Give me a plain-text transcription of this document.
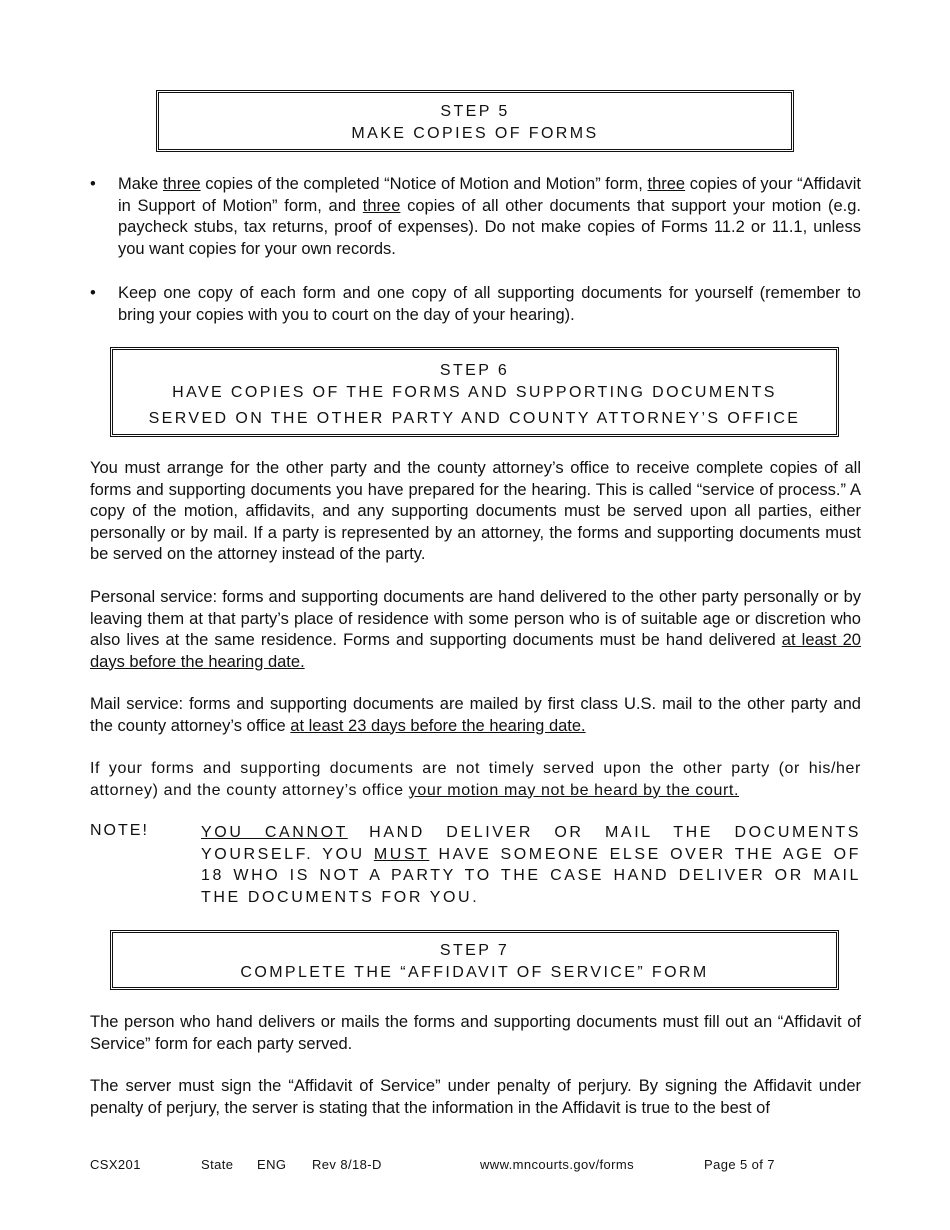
STEP 5
MAKE COPIES OF FORMS
•	Make three copies of the completed “Notice of Motion and Motion” form, three copies of your “Affidavit in Support of Motion” form, and three copies of all other documents that support your motion (e.g. paycheck stubs, tax returns, proof of expenses). Do not make copies of Forms 11.2 or 11.1, unless you want copies for your own records.
•	Keep one copy of each form and one copy of all supporting documents for yourself (remember to bring your copies with you to court on the day of your hearing).
STEP 6
HAVE COPIES OF THE FORMS AND SUPPORTING DOCUMENTS
SERVED ON THE OTHER PARTY AND COUNTY ATTORNEY’S OFFICE
You must arrange for the other party and the county attorney’s office to receive complete copies of all forms and supporting documents you have prepared for the hearing. This is called “service of process.” A copy of the motion, affidavits, and any supporting documents must be served upon all parties, either personally or by mail. If a party is represented by an attorney, the forms and supporting documents must be served on the attorney instead of the party.
Personal service: forms and supporting documents are hand delivered to the other party personally or by leaving them at that party’s place of residence with some person who is of suitable age or discretion who also lives at the same residence. Forms and supporting documents must be hand delivered at least 20 days before the hearing date.
Mail service: forms and supporting documents are mailed by first class U.S. mail to the other party and the county attorney’s office at least 23 days before the hearing date.
If your forms and supporting documents are not timely served upon the other party (or his/her attorney) and the county attorney’s office your motion may not be heard by the court.
NOTE!	YOU CANNOT HAND DELIVER OR MAIL THE DOCUMENTS YOURSELF. YOU MUST HAVE SOMEONE ELSE OVER THE AGE OF 18 WHO IS NOT A PARTY TO THE CASE HAND DELIVER OR MAIL THE DOCUMENTS FOR YOU.
STEP 7
COMPLETE THE “AFFIDAVIT OF SERVICE” FORM
The person who hand delivers or mails the forms and supporting documents must fill out an “Affidavit of Service” form for each party served.
The server must sign the “Affidavit of Service” under penalty of perjury. By signing the Affidavit under penalty of perjury, the server is stating that the information in the Affidavit is true to the best of
CSX201	State ENG Rev 8/18-D	www.mncourts.gov/forms	Page 5 of 7
